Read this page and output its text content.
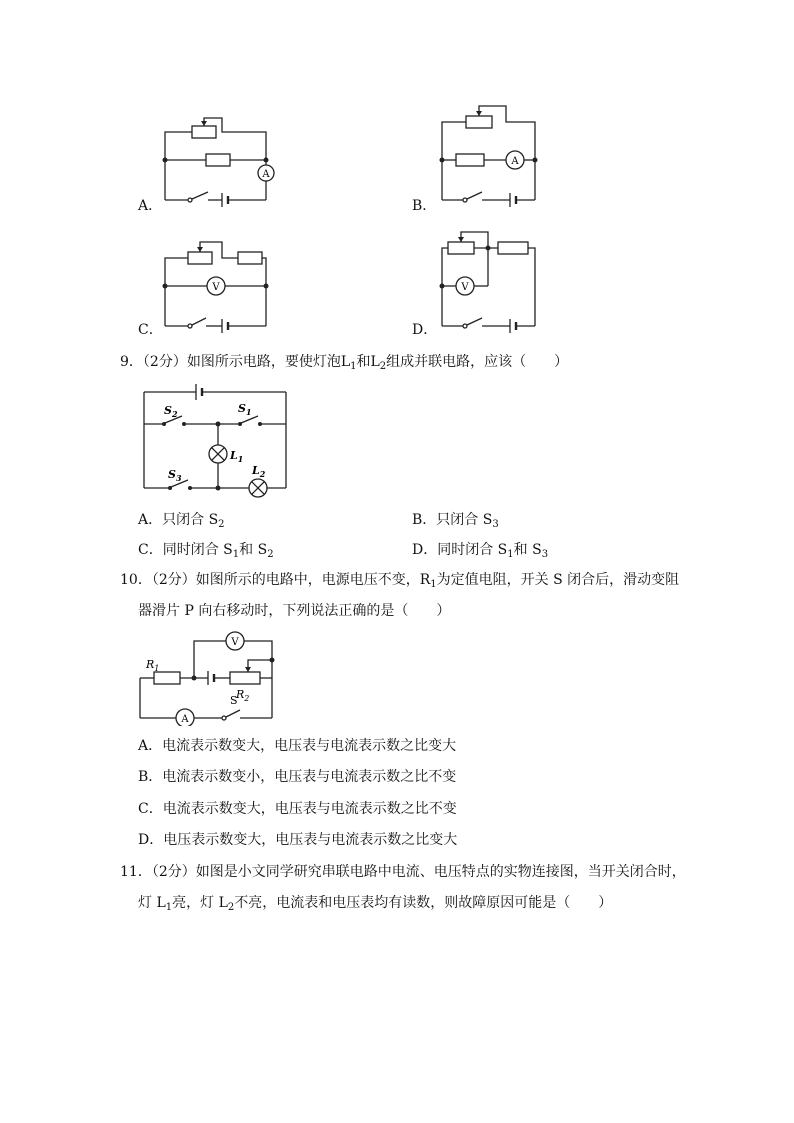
A．
A
B．
A
C．
V
D．
V
9．（2分）如图所示电路，要使灯泡$L_1$和$L_2$组成并联电路，应该（　　）
$S_2$	$S_1$
$L_1$
$S_3$
$L_2$
A．只闭合 $S_2$	B．只闭合 $S_3$
C．同时闭合 $S_1$和 $S_2$	D．同时闭合 $S_1$和 $S_3$
10．（2分）如图所示的电路中，电源电压不变，$R_1$为定值电阻，开关 S 闭合后，滑动变阻
器滑片 P 向右移动时，下列说法正确的是（　　）
V
$R_1$
$R_2$
A
S
A．电流表示数变大，电压表与电流表示数之比变大
B．电流表示数变小，电压表与电流表示数之比不变
C．电流表示数变大，电压表与电流表示数之比不变
D．电压表示数变大，电压表与电流表示数之比变大
11．（2分）如图是小文同学研究串联电路中电流、电压特点的实物连接图，当开关闭合时，
灯 $L_1$亮，灯 $L_2$不亮，电流表和电压表均有读数，则故障原因可能是（　　）
